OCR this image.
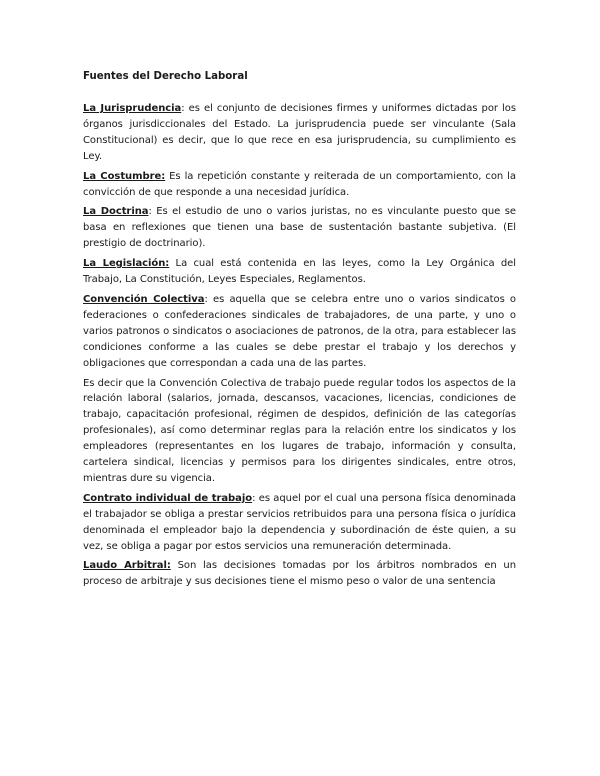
Fuentes del Derecho Laboral

La Jurisprudencia: es el conjunto de decisiones firmes y uniformes dictadas por los órganos jurisdiccionales del Estado. La jurisprudencia puede ser vinculante (Sala Constitucional) es decir, que lo que rece en esa jurisprudencia, su cumplimiento es Ley.

La Costumbre: Es la repetición constante y reiterada de un comportamiento, con la convicción de que responde a una necesidad jurídica.

La Doctrina: Es el estudio de uno o varios juristas, no es vinculante puesto que se basa en reflexiones que tienen una base de sustentación bastante subjetiva. (El prestigio de doctrinario).

La Legislación: La cual está contenida en las leyes, como la Ley Orgánica del Trabajo, La Constitución, Leyes Especiales, Reglamentos.

Convención Colectiva: es aquella que se celebra entre uno o varios sindicatos o federaciones o confederaciones sindicales de trabajadores, de una parte, y uno o varios patronos o sindicatos o asociaciones de patronos, de la otra, para establecer las condiciones conforme a las cuales se debe prestar el trabajo y los derechos y obligaciones que correspondan a cada una de las partes.

Es decir que la Convención Colectiva de trabajo puede regular todos los aspectos de la relación laboral (salarios, jornada, descansos, vacaciones, licencias, condiciones de trabajo, capacitación profesional, régimen de despidos, definición de las categorías profesionales), así como determinar reglas para la relación entre los sindicatos y los empleadores (representantes en los lugares de trabajo, información y consulta, cartelera sindical, licencias y permisos para los dirigentes sindicales, entre otros, mientras dure su vigencia.

Contrato individual de trabajo: es aquel por el cual una persona física denominada el trabajador se obliga a prestar servicios retribuidos para una persona física o jurídica denominada el empleador bajo la dependencia y subordinación de éste quien, a su vez, se obliga a pagar por estos servicios una remuneración determinada.

Laudo Arbitral: Son las decisiones tomadas por los árbitros nombrados en un proceso de arbitraje y sus decisiones tiene el mismo peso o valor de una sentencia
